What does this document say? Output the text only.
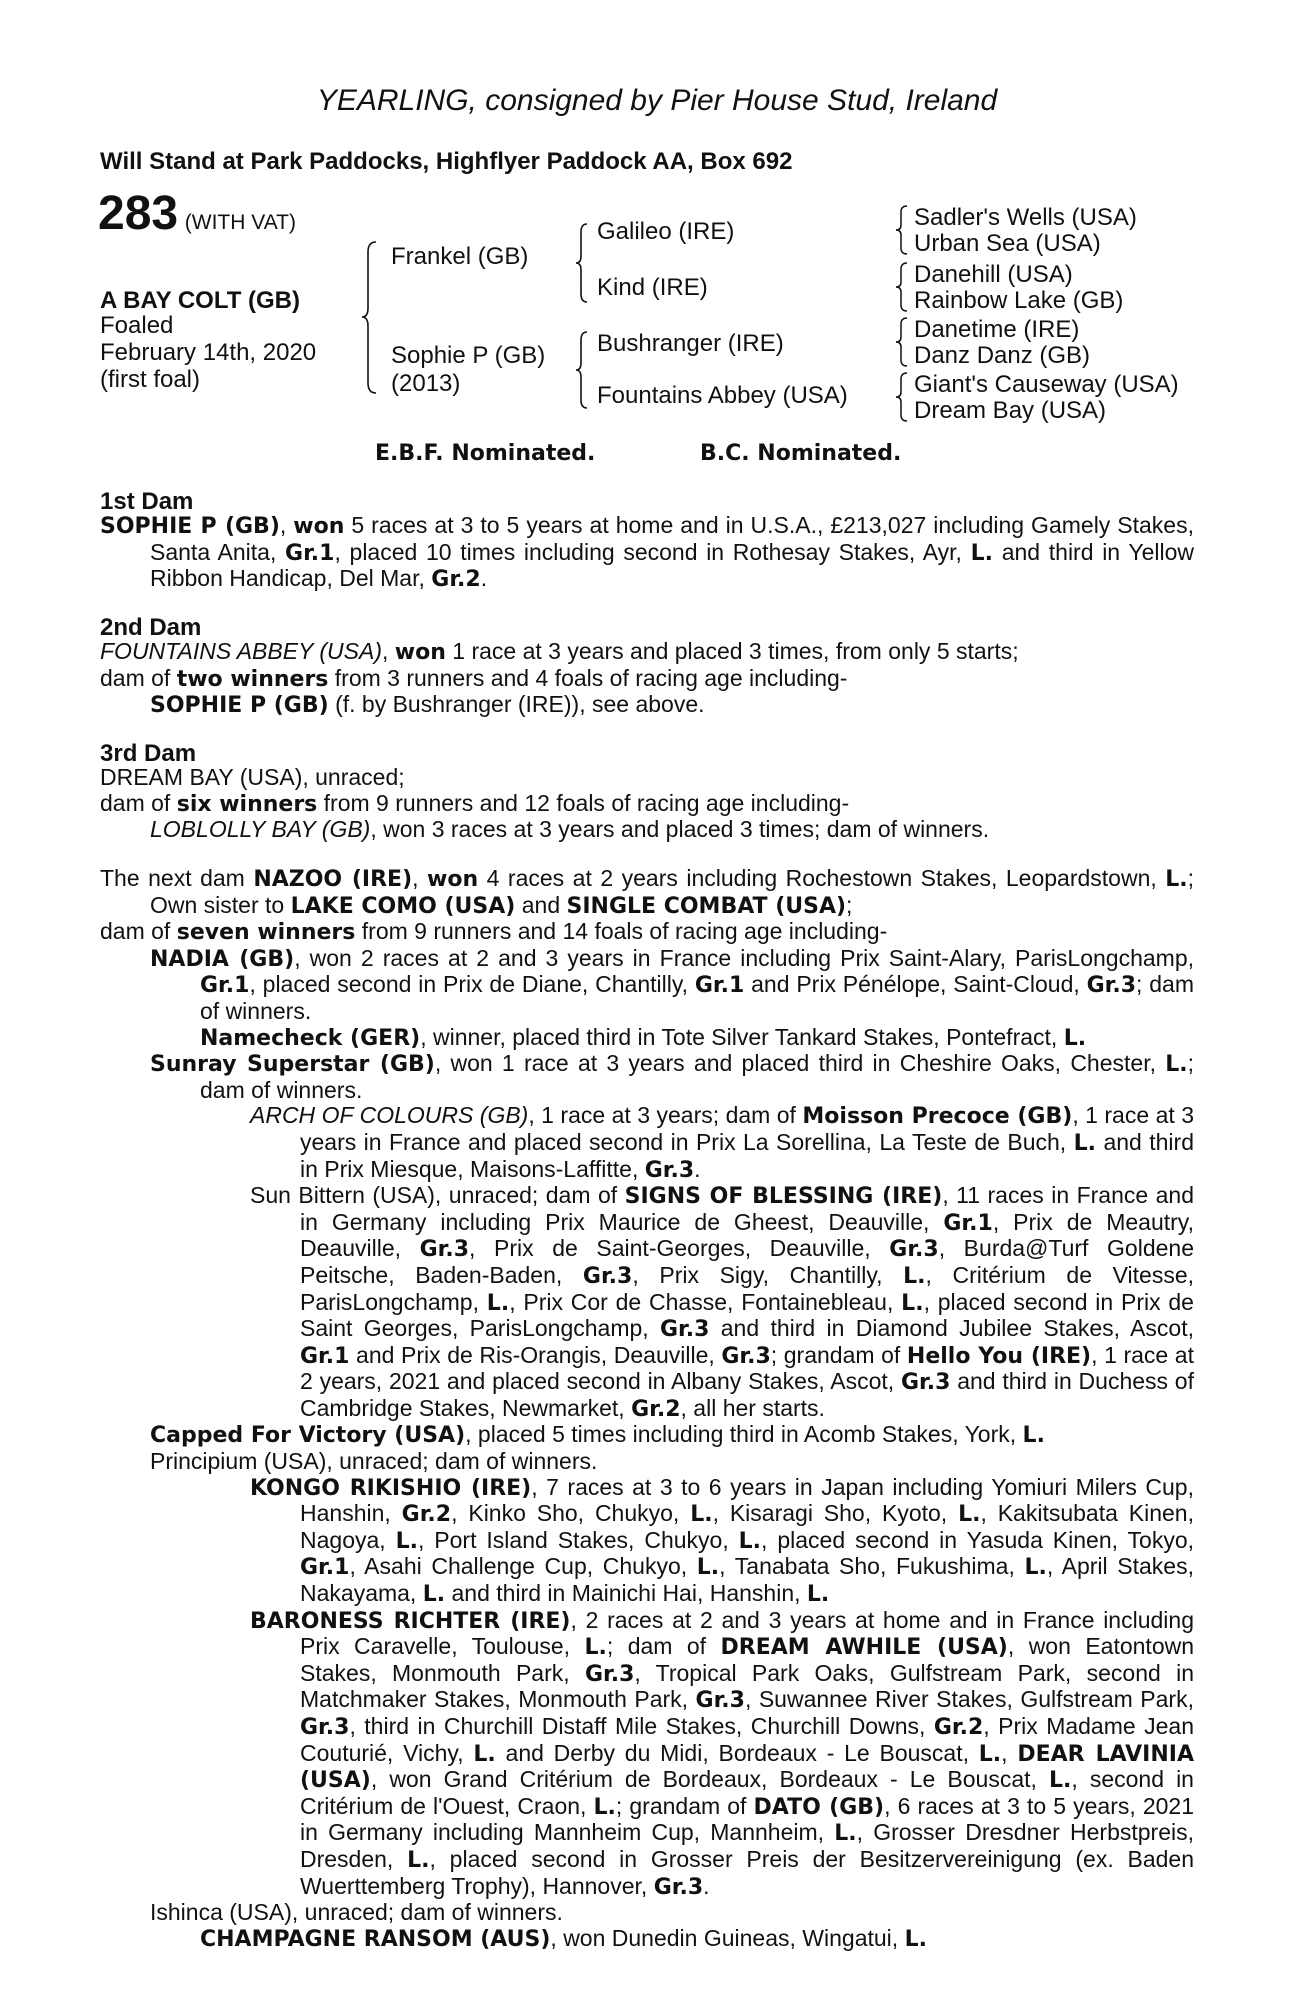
YEARLING, consigned by Pier House Stud, Ireland
Will Stand at Park Paddocks, Highflyer Paddock AA, Box 692
283 (WITH VAT)
A BAY COLT (GB)
Foaled
February 14th, 2020
(first foal)
Frankel (GB)
Sophie P (GB)
(2013)
Galileo (IRE)
Kind (IRE)
Bushranger (IRE)
Fountains Abbey (USA)
Sadler's Wells (USA)
Urban Sea (USA)
Danehill (USA)
Rainbow Lake (GB)
Danetime (IRE)
Danz Danz (GB)
Giant's Causeway (USA)
Dream Bay (USA)
E.B.F. Nominated.	B.C. Nominated.
1st Dam

SOPHIE P (GB), won 5 races at 3 to 5 years at home and in U.S.A., £213,027 including Gamely Stakes, Santa Anita, Gr.1, placed 10 times including second in Rothesay Stakes, Ayr, L. and third in Yellow Ribbon Handicap, Del Mar, Gr.2.

2nd Dam

FOUNTAINS ABBEY (USA), won 1 race at 3 years and placed 3 times, from only 5 starts;

dam of two winners from 3 runners and 4 foals of racing age including-

SOPHIE P (GB) (f. by Bushranger (IRE)), see above.

3rd Dam

DREAM BAY (USA), unraced;

dam of six winners from 9 runners and 12 foals of racing age including-

LOBLOLLY BAY (GB), won 3 races at 3 years and placed 3 times; dam of winners.

The next dam NAZOO (IRE), won 4 races at 2 years including Rochestown Stakes, Leopardstown, L.; Own sister to LAKE COMO (USA) and SINGLE COMBAT (USA);

dam of seven winners from 9 runners and 14 foals of racing age including-

NADIA (GB), won 2 races at 2 and 3 years in France including Prix Saint-Alary, ParisLongchamp, Gr.1, placed second in Prix de Diane, Chantilly, Gr.1 and Prix Pénélope, Saint-Cloud, Gr.3; dam of winners.

Namecheck (GER), winner, placed third in Tote Silver Tankard Stakes, Pontefract, L.

Sunray Superstar (GB), won 1 race at 3 years and placed third in Cheshire Oaks, Chester, L.; dam of winners.

ARCH OF COLOURS (GB), 1 race at 3 years; dam of Moisson Precoce (GB), 1 race at 3 years in France and placed second in Prix La Sorellina, La Teste de Buch, L. and third in Prix Miesque, Maisons-Laffitte, Gr.3.

Sun Bittern (USA), unraced; dam of SIGNS OF BLESSING (IRE), 11 races in France and in Germany including Prix Maurice de Gheest, Deauville, Gr.1, Prix de Meautry, Deauville, Gr.3, Prix de Saint-Georges, Deauville, Gr.3, Burda@Turf Goldene Peitsche, Baden-Baden, Gr.3, Prix Sigy, Chantilly, L., Critérium de Vitesse, ParisLongchamp, L., Prix Cor de Chasse, Fontainebleau, L., placed second in Prix de Saint Georges, ParisLongchamp, Gr.3 and third in Diamond Jubilee Stakes, Ascot, Gr.1 and Prix de Ris-Orangis, Deauville, Gr.3; grandam of Hello You (IRE), 1 race at 2 years, 2021 and placed second in Albany Stakes, Ascot, Gr.3 and third in Duchess of Cambridge Stakes, Newmarket, Gr.2, all her starts.

Capped For Victory (USA), placed 5 times including third in Acomb Stakes, York, L.

Principium (USA), unraced; dam of winners.

KONGO RIKISHIO (IRE), 7 races at 3 to 6 years in Japan including Yomiuri Milers Cup, Hanshin, Gr.2, Kinko Sho, Chukyo, L., Kisaragi Sho, Kyoto, L., Kakitsubata Kinen, Nagoya, L., Port Island Stakes, Chukyo, L., placed second in Yasuda Kinen, Tokyo, Gr.1, Asahi Challenge Cup, Chukyo, L., Tanabata Sho, Fukushima, L., April Stakes, Nakayama, L. and third in Mainichi Hai, Hanshin, L.

BARONESS RICHTER (IRE), 2 races at 2 and 3 years at home and in France including Prix Caravelle, Toulouse, L.; dam of DREAM AWHILE (USA), won Eatontown Stakes, Monmouth Park, Gr.3, Tropical Park Oaks, Gulfstream Park, second in Matchmaker Stakes, Monmouth Park, Gr.3, Suwannee River Stakes, Gulfstream Park, Gr.3, third in Churchill Distaff Mile Stakes, Churchill Downs, Gr.2, Prix Madame Jean Couturié, Vichy, L. and Derby du Midi, Bordeaux - Le Bouscat, L., DEAR LAVINIA (USA), won Grand Critérium de Bordeaux, Bordeaux - Le Bouscat, L., second in Critérium de l'Ouest, Craon, L.; grandam of DATO (GB), 6 races at 3 to 5 years, 2021 in Germany including Mannheim Cup, Mannheim, L., Grosser Dresdner Herbstpreis, Dresden, L., placed second in Grosser Preis der Besitzervereinigung (ex. Baden Wuerttemberg Trophy), Hannover, Gr.3.

Ishinca (USA), unraced; dam of winners.

CHAMPAGNE RANSOM (AUS), won Dunedin Guineas, Wingatui, L.
